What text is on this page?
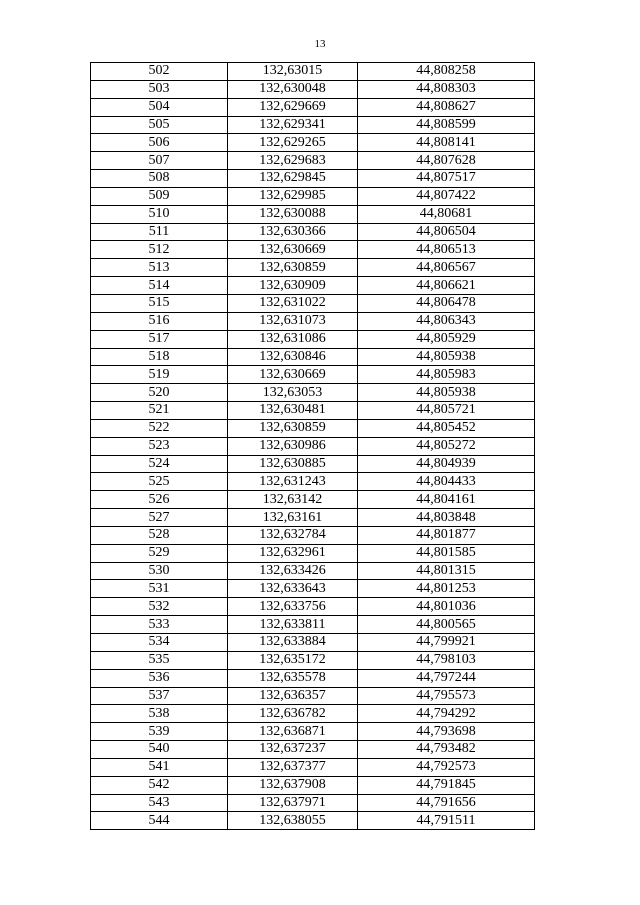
13
502	132,63015	44,808258
503	132,630048	44,808303
504	132,629669	44,808627
505	132,629341	44,808599
506	132,629265	44,808141
507	132,629683	44,807628
508	132,629845	44,807517
509	132,629985	44,807422
510	132,630088	44,80681
511	132,630366	44,806504
512	132,630669	44,806513
513	132,630859	44,806567
514	132,630909	44,806621
515	132,631022	44,806478
516	132,631073	44,806343
517	132,631086	44,805929
518	132,630846	44,805938
519	132,630669	44,805983
520	132,63053	44,805938
521	132,630481	44,805721
522	132,630859	44,805452
523	132,630986	44,805272
524	132,630885	44,804939
525	132,631243	44,804433
526	132,63142	44,804161
527	132,63161	44,803848
528	132,632784	44,801877
529	132,632961	44,801585
530	132,633426	44,801315
531	132,633643	44,801253
532	132,633756	44,801036
533	132,633811	44,800565
534	132,633884	44,799921
535	132,635172	44,798103
536	132,635578	44,797244
537	132,636357	44,795573
538	132,636782	44,794292
539	132,636871	44,793698
540	132,637237	44,793482
541	132,637377	44,792573
542	132,637908	44,791845
543	132,637971	44,791656
544	132,638055	44,791511
